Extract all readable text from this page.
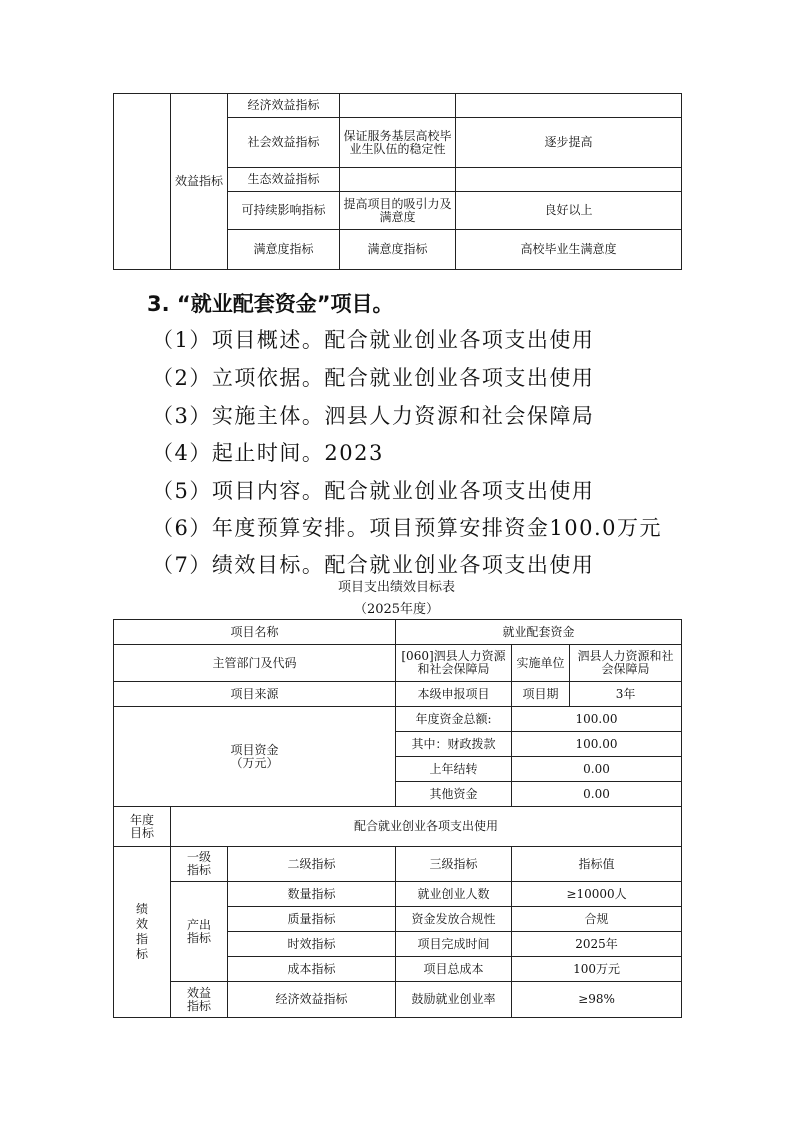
	效益指标	经济效益指标			
		社会效益指标	保证服务基层高校毕业生队伍的稳定性	逐步提高	
		生态效益指标			
		可持续影响指标	提高项目的吸引力及满意度	良好以上	
		满意度指标	满意度指标	高校毕业生满意度	
3. “就业配套资金”项目。
（1）项目概述。配合就业创业各项支出使用
（2）立项依据。配合就业创业各项支出使用
（3）实施主体。泗县人力资源和社会保障局
（4）起止时间。2023
（5）项目内容。配合就业创业各项支出使用
（6）年度预算安排。项目预算安排资金100.0万元
（7）绩效目标。配合就业创业各项支出使用
项目支出绩效目标表
（2025年度）
项目名称			就业配套资金		
主管部门及代码			[060]泗县人力资源和社会保障局	实施单位	泗县人力资源和社会保障局
项目来源			本级申报项目	项目期	3年

项目资金（万元）			年度资金总额:	100.00	
			其中：财政拨款	100.00	
			上年结转	0.00	
			其他资金	0.00	

年度目标	配合就业创业各项支出使用				
绩效指标	一级指标	二级指标	三级指标	指标值	

	产出指标	数量指标	就业创业人数	≥10000人	
		质量指标	资金发放合规性	合规	
		时效指标	项目完成时间	2025年	
		成本指标	项目总成本	100万元	

	效益指标	经济效益指标	鼓励就业创业率	≥98%	
